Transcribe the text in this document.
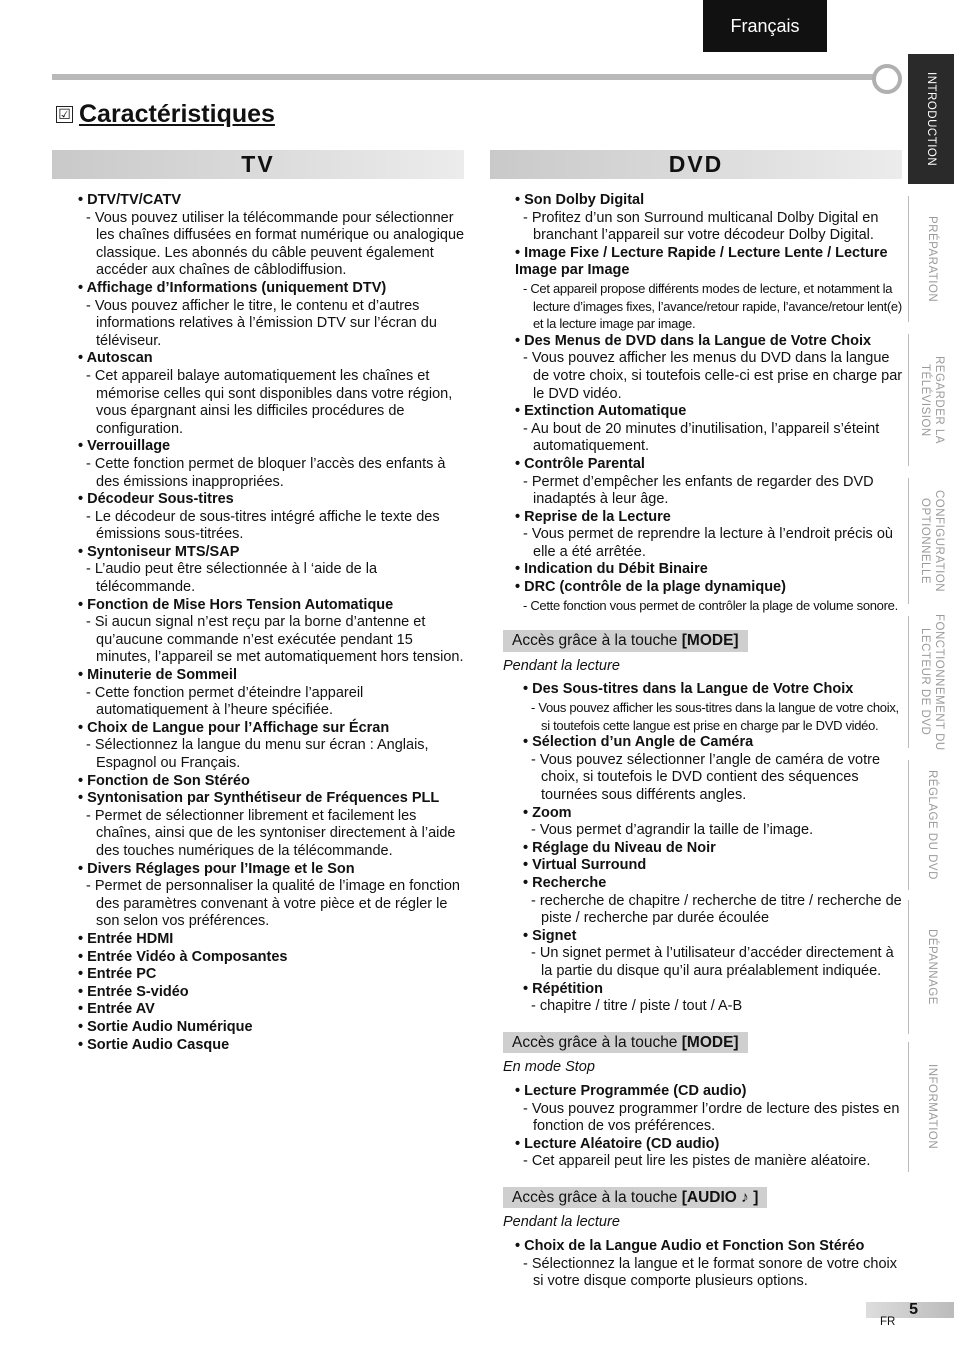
Français
☑ Caractéristiques
TV	DVD
• DTV/TV/CATV
- Vous pouvez utiliser la télécommande pour sélectionner les chaînes diffusées en format numérique ou analogique classique. Les abonnés du câble peuvent également accéder aux chaînes de câblodiffusion.
• Affichage d’Informations (uniquement DTV)
- Vous pouvez afficher le titre, le contenu et d’autres informations relatives à l’émission DTV sur l’écran du téléviseur.
• Autoscan
- Cet appareil balaye automatiquement les chaînes et mémorise celles qui sont disponibles dans votre région, vous épargnant ainsi les difficiles procédures de configuration.
• Verrouillage
- Cette fonction permet de bloquer l’accès des enfants à des émissions inappropriées.
• Décodeur Sous-titres
- Le décodeur de sous-titres intégré affiche le texte des émissions sous-titrées.
• Syntoniseur MTS/SAP
- L’audio peut être sélectionnée à l ‘aide de la télécommande.
• Fonction de Mise Hors Tension Automatique
- Si aucun signal n’est reçu par la borne d’antenne et qu’aucune commande n’est exécutée pendant 15 minutes, l’appareil se met automatiquement hors tension.
• Minuterie de Sommeil
- Cette fonction permet d’éteindre l’appareil automatiquement à l’heure spécifiée.
• Choix de Langue pour l’Affichage sur Écran
- Sélectionnez la langue du menu sur écran : Anglais, Espagnol ou Français.
• Fonction de Son Stéréo
• Syntonisation par Synthétiseur de Fréquences PLL
- Permet de sélectionner librement et facilement les chaînes, ainsi que de les syntoniser directement à l’aide des touches numériques de la télécommande.
• Divers Réglages pour l’Image et le Son
- Permet de personnaliser la qualité de l’image en fonction des paramètres convenant à votre pièce et de régler le son selon vos préférences.
• Entrée HDMI
• Entrée Vidéo à Composantes
• Entrée PC
• Entrée S-vidéo
• Entrée AV
• Sortie Audio Numérique
• Sortie Audio Casque
• Son Dolby Digital
- Profitez d’un son Surround multicanal Dolby Digital en branchant l’appareil sur votre décodeur Dolby Digital.
• Image Fixe / Lecture Rapide / Lecture Lente / Lecture Image par Image
- Cet appareil propose différents modes de lecture, et notamment la lecture d’images fixes, l’avance/retour rapide, l’avance/retour lent(e) et la lecture image par image.
• Des Menus de DVD dans la Langue de Votre Choix
- Vous pouvez afficher les menus du DVD dans la langue de votre choix, si toutefois celle-ci est prise en charge par le DVD vidéo.
• Extinction Automatique
- Au bout de 20 minutes d’inutilisation, l’appareil s’éteint automatiquement.
• Contrôle Parental
- Permet d’empêcher les enfants de regarder des DVD inadaptés à leur âge.
• Reprise de la Lecture
- Vous permet de reprendre la lecture à l’endroit précis où elle a été arrêtée.
• Indication du Débit Binaire
• DRC (contrôle de la plage dynamique)
- Cette fonction vous permet de contrôler la plage de volume sonore.
Accès grâce à la touche [MODE]
Pendant la lecture
• Des Sous-titres dans la Langue de Votre Choix
- Vous pouvez afficher les sous-titres dans la langue de votre choix, si toutefois cette langue est prise en charge par le DVD vidéo.
• Sélection d’un Angle de Caméra
- Vous pouvez sélectionner l’angle de caméra de votre choix, si toutefois le DVD contient des séquences tournées sous différents angles.
• Zoom
- Vous permet d’agrandir la taille de l’image.
• Réglage du Niveau de Noir
• Virtual Surround
• Recherche
- recherche de chapitre / recherche de titre / recherche de piste / recherche par durée écoulée
• Signet
- Un signet permet à l’utilisateur d’accéder directement à la partie du disque qu’il aura préalablement indiquée.
• Répétition
- chapitre / titre / piste / tout / A-B
Accès grâce à la touche [MODE]
En mode Stop
• Lecture Programmée (CD audio)
- Vous pouvez programmer l’ordre de lecture des pistes en fonction de vos préférences.
• Lecture Aléatoire (CD audio)
- Cet appareil peut lire les pistes de manière aléatoire.
Accès grâce à la touche [AUDIO ♪ ]
Pendant la lecture
• Choix de la Langue Audio et Fonction Son Stéréo
- Sélectionnez la langue et le format sonore de votre choix si votre disque comporte plusieurs options.
INTRODUCTION
PRÉPARATION
REGARDER LA
TÉLÉVISION
CONFIGURATION
OPTIONNELLE
FONCTIONNEMENT DU
LECTEUR DE DVD
RÉGLAGE DU DVD
DÉPANNAGE
INFORMATION
5
FR
